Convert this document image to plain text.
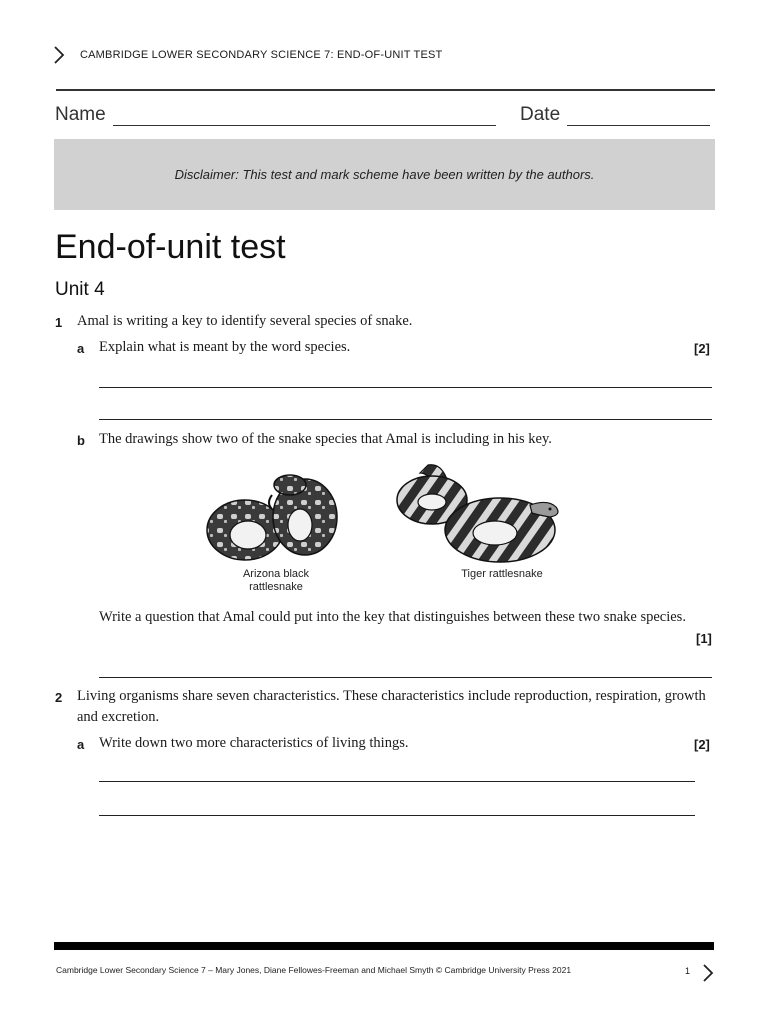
CAMBRIDGE LOWER SECONDARY SCIENCE 7: END-OF-UNIT TEST
Name	Date
Disclaimer: This test and mark scheme have been written by the authors.
End-of-unit test
Unit 4
1 Amal is writing a key to identify several species of snake.
a Explain what is meant by the word species.	[2]
b The drawings show two of the snake species that Amal is including in his key.
Arizona black
rattlesnake
Tiger rattlesnake
Write a question that Amal could put into the key that distinguishes between these two snake species.
[1]
2 Living organisms share seven characteristics. These characteristics include reproduction, respiration, growth and excretion.
a Write down two more characteristics of living things.	[2]
Cambridge Lower Secondary Science 7 – Mary Jones, Diane Fellowes-Freeman and Michael Smyth © Cambridge University Press 2021	1
